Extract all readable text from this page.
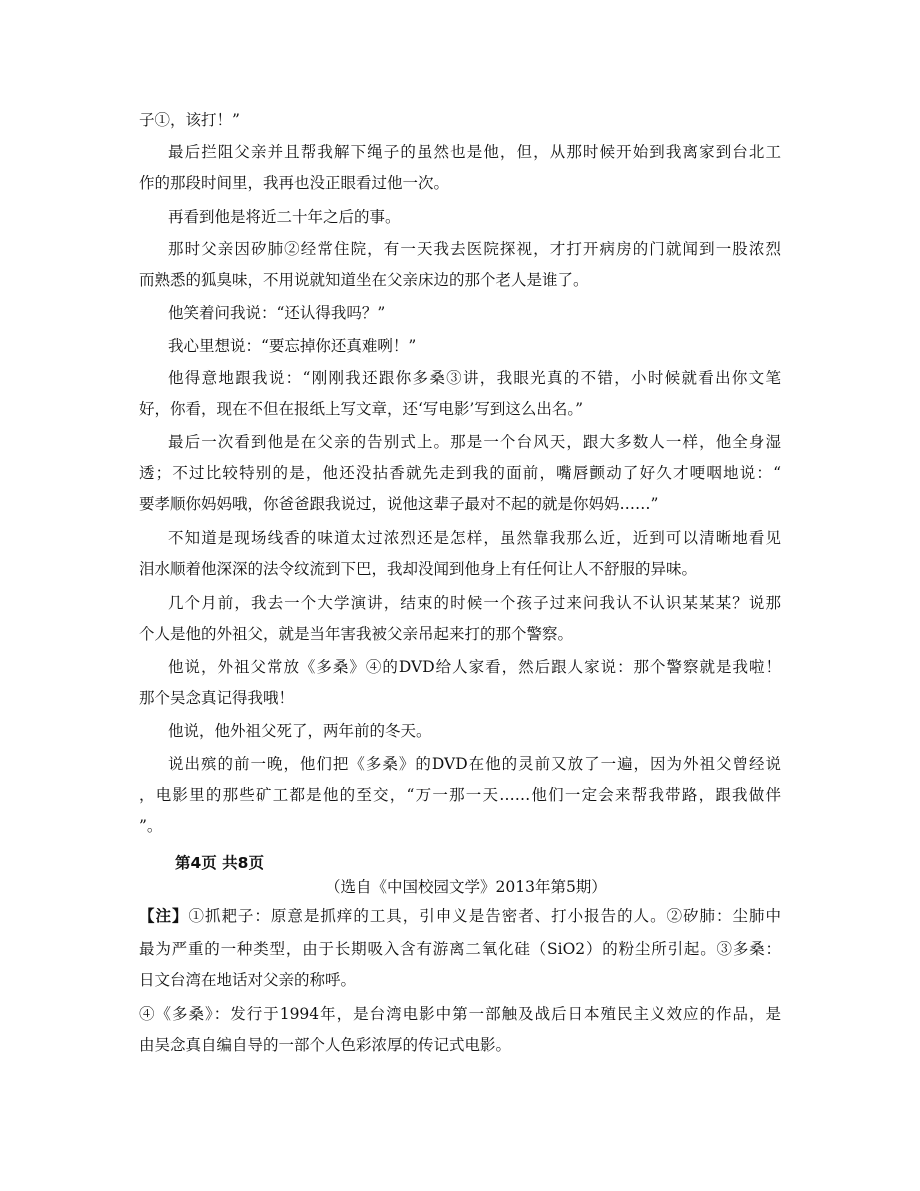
子①，该打！”
最后拦阻父亲并且帮我解下绳子的虽然也是他，但，从那时候开始到我离家到台北工
作的那段时间里，我再也没正眼看过他一次。
再看到他是将近二十年之后的事。
那时父亲因矽肺②经常住院，有一天我去医院探视，才打开病房的门就闻到一股浓烈
而熟悉的狐臭味，不用说就知道坐在父亲床边的那个老人是谁了。
他笑着问我说：“还认得我吗？”
我心里想说：“要忘掉你还真难咧！”
他得意地跟我说：“刚刚我还跟你多桑③讲，我眼光真的不错，小时候就看出你文笔
好，你看，现在不但在报纸上写文章，还‘写电影’写到这么出名。”
最后一次看到他是在父亲的告别式上。那是一个台风天，跟大多数人一样，他全身湿
透；不过比较特别的是，他还没拈香就先走到我的面前，嘴唇颤动了好久才哽咽地说：“
要孝顺你妈妈哦，你爸爸跟我说过，说他这辈子最对不起的就是你妈妈……”
不知道是现场线香的味道太过浓烈还是怎样，虽然靠我那么近，近到可以清晰地看见
泪水顺着他深深的法令纹流到下巴，我却没闻到他身上有任何让人不舒服的异味。
几个月前，我去一个大学演讲，结束的时候一个孩子过来问我认不认识某某某？说那
个人是他的外祖父，就是当年害我被父亲吊起来打的那个警察。
他说，外祖父常放《多桑》④的DVD给人家看，然后跟人家说：那个警察就是我啦！
那个吴念真记得我哦！
他说，他外祖父死了，两年前的冬天。
说出殡的前一晚，他们把《多桑》的DVD在他的灵前又放了一遍，因为外祖父曾经说
，电影里的那些矿工都是他的至交，“万一那一天……他们一定会来帮我带路，跟我做伴
”。
第4页 共8页
（选自《中国校园文学》2013年第5期）
【注】①抓耙子：原意是抓痒的工具，引申义是告密者、打小报告的人。②矽肺：尘肺中
最为严重的一种类型，由于长期吸入含有游离二氧化硅（SiO2）的粉尘所引起。③多桑：
日文台湾在地话对父亲的称呼。
④《多桑》：发行于1994年，是台湾电影中第一部触及战后日本殖民主义效应的作品，是
由吴念真自编自导的一部个人色彩浓厚的传记式电影。
